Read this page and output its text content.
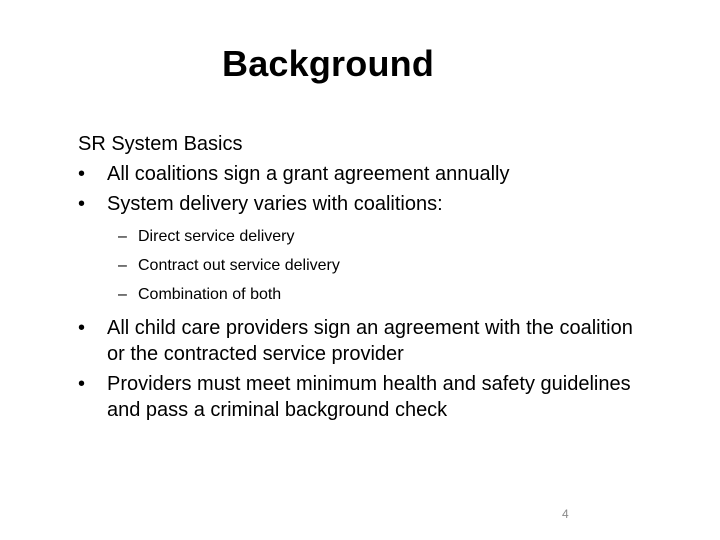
Background
SR System Basics
•	All coalitions sign a grant agreement annually
•	System delivery varies with coalitions:
– Direct service delivery
– Contract out service delivery
– Combination of both
•	All child care providers sign an agreement with the coalition or the contracted service provider
•	Providers must meet minimum health and safety guidelines and pass a criminal background check
4
